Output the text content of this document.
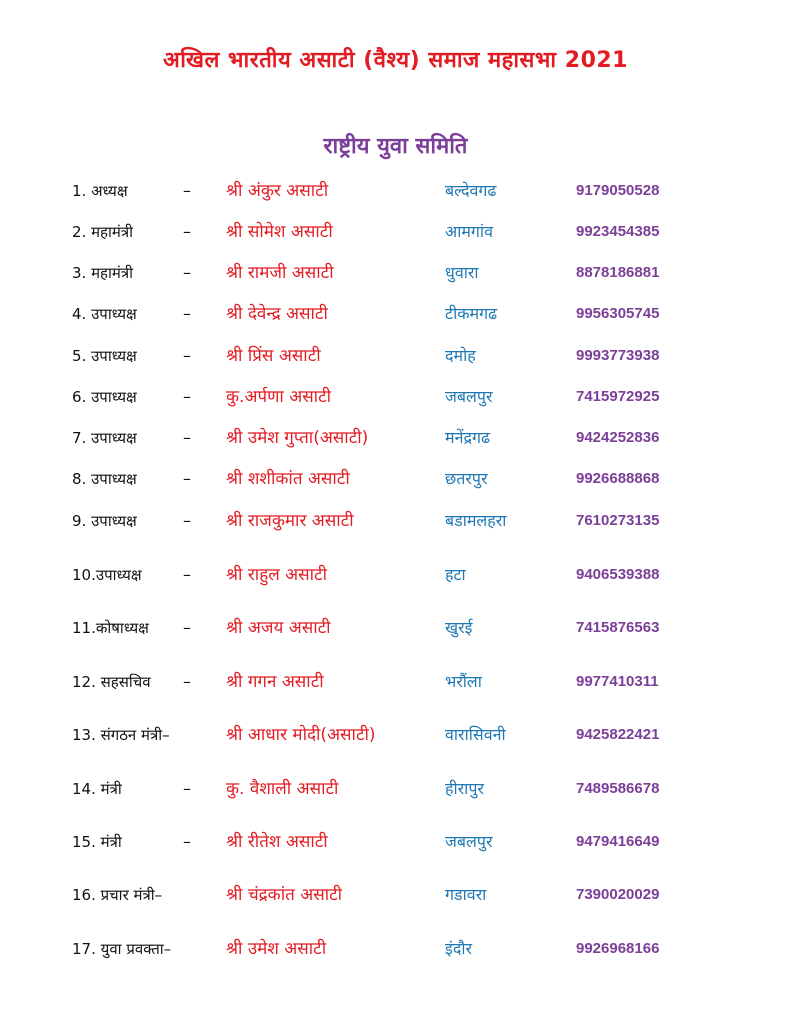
अखिल भारतीय असाटी (वैश्य) समाज महासभा 2021
राष्ट्रीय युवा समिति
1. अध्यक्ष	– श्री अंकुर असाटी	बल्देवगढ	9179050528
2. महामंत्री	– श्री सोमेश असाटी	आमगांव	9923454385
3. महामंत्री	– श्री रामजी असाटी	धुवारा	8878186881
4. उपाध्यक्ष	– श्री देवेन्द्र असाटी	टीकमगढ	9956305745
5. उपाध्यक्ष	– श्री प्रिंस असाटी	दमोह	9993773938
6. उपाध्यक्ष	– कु.अर्पणा असाटी	जबलपुर	7415972925
7. उपाध्यक्ष	– श्री उमेश गुप्ता(असाटी)	मनेंद्रगढ	9424252836
8. उपाध्यक्ष	– श्री शशीकांत असाटी	छतरपुर	9926688868
9. उपाध्यक्ष	– श्री राजकुमार असाटी	बडामलहरा	7610273135
10.उपाध्यक्ष	– श्री राहुल असाटी	हटा	9406539388
11.कोषाध्यक्ष – श्री अजय असाटी	खुरई	7415876563
12. सहसचिव – श्री गगन असाटी	भरौंला	9977410311
13. संगठन मंत्री–	श्री आधार मोदी(असाटी)	वारासिवनी	9425822421
14. मंत्री	– कु. वैशाली असाटी	हीरापुर	7489586678
15. मंत्री	– श्री रीतेश असाटी	जबलपुर	9479416649
16. प्रचार मंत्री–	श्री चंद्रकांत असाटी	गडावरा	7390020029
17. युवा प्रवक्ता–	श्री उमेश असाटी	इंदौर	9926968166
